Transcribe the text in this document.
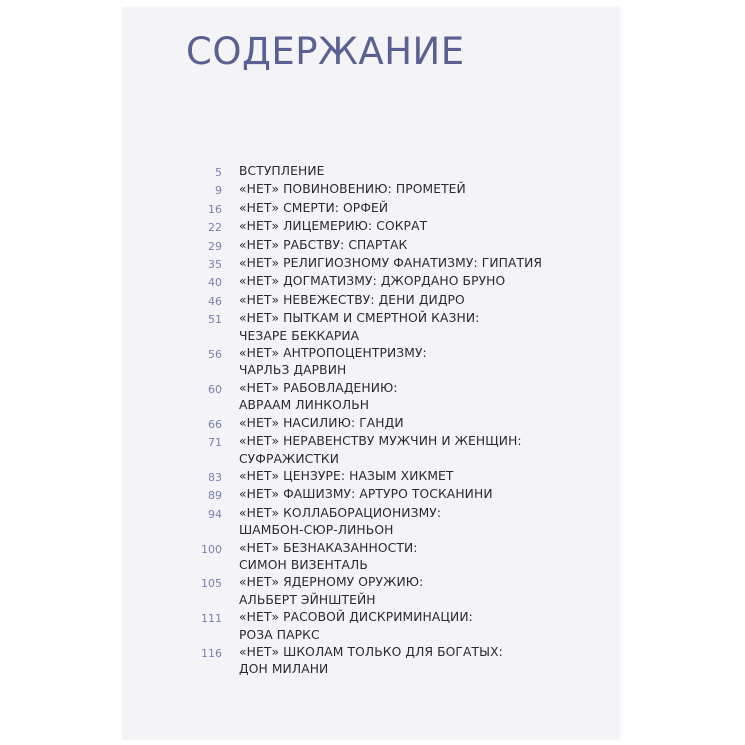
СОДЕРЖАНИЕ
5 ВСТУПЛЕНИЕ
9 «НЕТ» ПОВИНОВЕНИЮ: ПРОМЕТЕЙ
16 «НЕТ» СМЕРТИ: ОРФЕЙ
22 «НЕТ» ЛИЦЕМЕРИЮ: СОКРАТ
29 «НЕТ» РАБСТВУ: СПАРТАК
35 «НЕТ» РЕЛИГИОЗНОМУ ФАНАТИЗМУ: ГИПАТИЯ
40 «НЕТ» ДОГМАТИЗМУ: ДЖОРДАНО БРУНО
46 «НЕТ» НЕВЕЖЕСТВУ: ДЕНИ ДИДРО
51 «НЕТ» ПЫТКАМ И СМЕРТНОЙ КАЗНИ:
ЧЕЗАРЕ БЕККАРИА
56 «НЕТ» АНТРОПОЦЕНТРИЗМУ:
ЧАРЛЬЗ ДАРВИН
60 «НЕТ» РАБОВЛАДЕНИЮ:
АВРААМ ЛИНКОЛЬН
66 «НЕТ» НАСИЛИЮ: ГАНДИ
71 «НЕТ» НЕРАВЕНСТВУ МУЖЧИН И ЖЕНЩИН:
СУФРАЖИСТКИ
83 «НЕТ» ЦЕНЗУРЕ: НАЗЫМ ХИКМЕТ
89 «НЕТ» ФАШИЗМУ: АРТУРО ТОСКАНИНИ
94 «НЕТ» КОЛЛАБОРАЦИОНИЗМУ:
ШАМБОН-СЮР-ЛИНЬОН
100 «НЕТ» БЕЗНАКАЗАННОСТИ:
СИМОН ВИЗЕНТАЛЬ
105 «НЕТ» ЯДЕРНОМУ ОРУЖИЮ:
АЛЬБЕРТ ЭЙНШТЕЙН
111 «НЕТ» РАСОВОЙ ДИСКРИМИНАЦИИ:
РОЗА ПАРКС
116 «НЕТ» ШКОЛАМ ТОЛЬКО ДЛЯ БОГАТЫХ:
ДОН МИЛАНИ
